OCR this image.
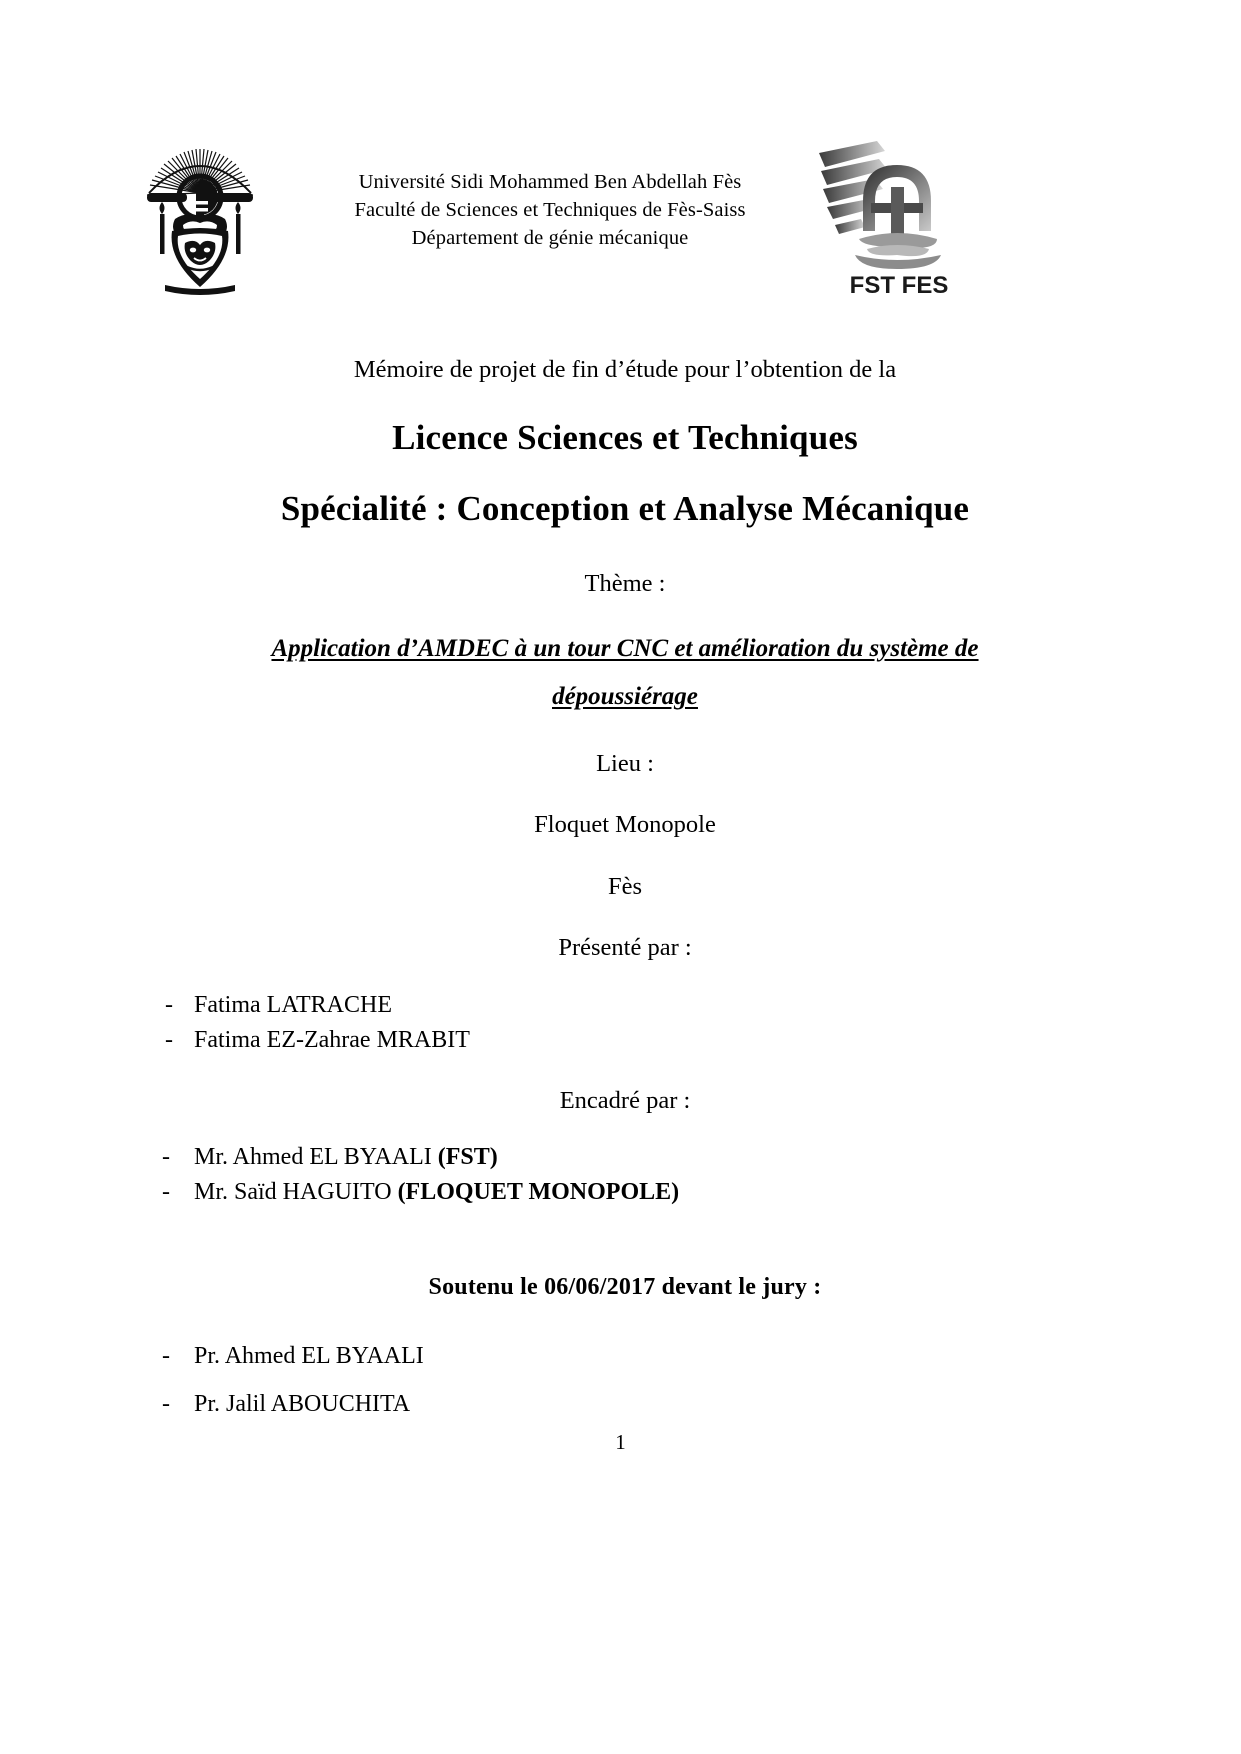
Université Sidi Mohammed Ben Abdellah Fès
Faculté de Sciences et Techniques de Fès-Saiss
Département de génie mécanique
FST FES
Mémoire de projet de fin d’étude pour l’obtention de la
Licence Sciences et Techniques
Spécialité : Conception et Analyse Mécanique
Thème :
Application d’AMDEC à un tour CNC et amélioration du système de
dépoussiérage
Lieu :
Floquet Monopole
Fès
Présenté par :
- Fatima LATRACHE
- Fatima EZ-Zahrae MRABIT
Encadré par :
-	Mr. Ahmed EL BYAALI (FST)
-	Mr. Saïd HAGUITO (FLOQUET MONOPOLE)
Soutenu le 06/06/2017 devant le jury :
-	Pr. Ahmed EL BYAALI
-	Pr. Jalil ABOUCHITA
1
